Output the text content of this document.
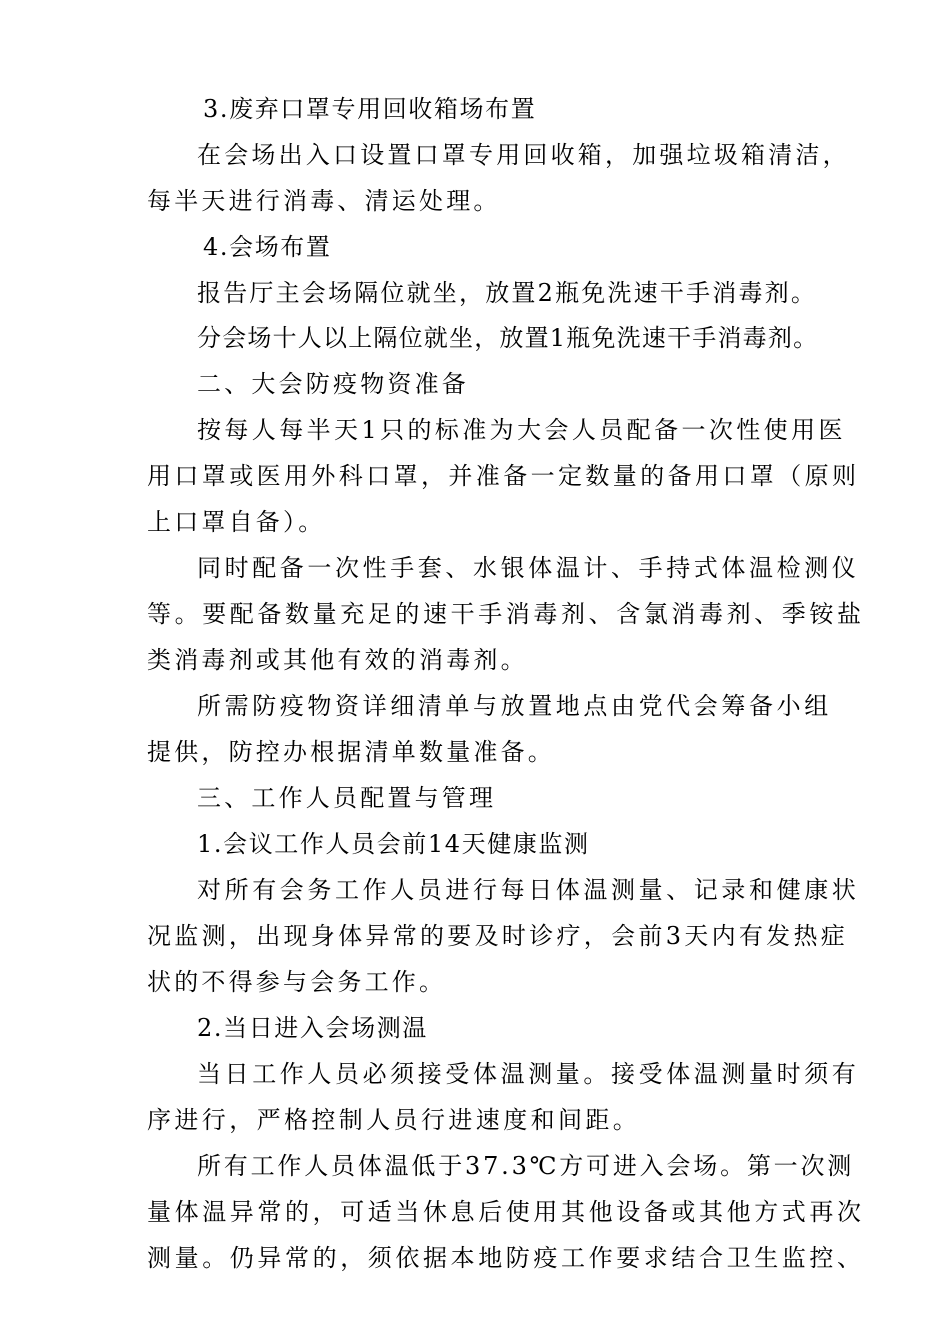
3.废弃口罩专用回收箱场布置
在会场出入口设置口罩专用回收箱，加强垃圾箱清洁，
每半天进行消毒、清运处理。
4.会场布置
报告厅主会场隔位就坐，放置2瓶免洗速干手消毒剂。
分会场十人以上隔位就坐，放置1瓶免洗速干手消毒剂。
二、大会防疫物资准备
按每人每半天1只的标准为大会人员配备一次性使用医
用口罩或医用外科口罩，并准备一定数量的备用口罩（原则
上口罩自备）。
同时配备一次性手套、水银体温计、手持式体温检测仪
等。要配备数量充足的速干手消毒剂、含氯消毒剂、季铵盐
类消毒剂或其他有效的消毒剂。
所需防疫物资详细清单与放置地点由党代会筹备小组
提供，防控办根据清单数量准备。
三、工作人员配置与管理
1.会议工作人员会前14天健康监测
对所有会务工作人员进行每日体温测量、记录和健康状
况监测，出现身体异常的要及时诊疗，会前3天内有发热症
状的不得参与会务工作。
2.当日进入会场测温
当日工作人员必须接受体温测量。接受体温测量时须有
序进行，严格控制人员行进速度和间距。
所有工作人员体温低于37.3℃方可进入会场。第一次测
量体温异常的，可适当休息后使用其他设备或其他方式再次
测量。仍异常的，须依据本地防疫工作要求结合卫生监控、
